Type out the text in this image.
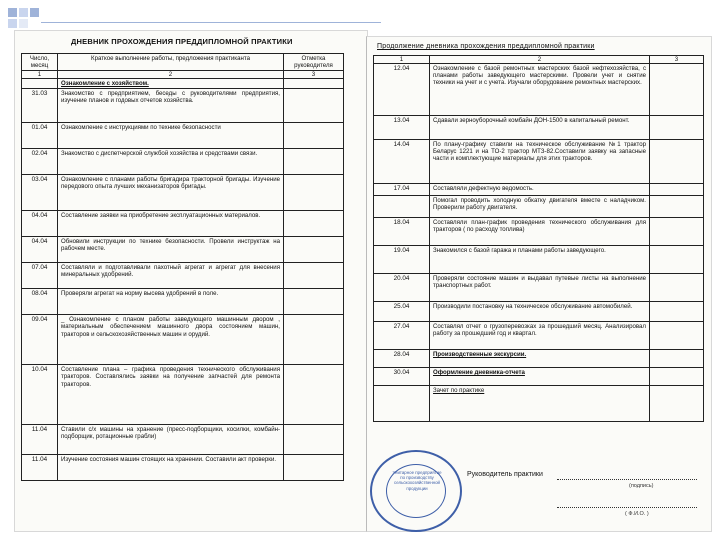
ДНЕВНИК ПРОХОЖДЕНИЯ ПРЕДДИПЛОМНОЙ ПРАКТИКИ
Число, месяц	Краткое выполнение работы, предложения практиканта	Отметка руководителя
1	2	3
	Ознакомление с хозяйством.	
31.03	Знакомство с предприятием, беседы с руководителями предприятия, изучение планов и годовых отчетов хозяйства.	
01.04	Ознакомление с инструкциями по технике безопасности	
02.04	Знакомство с диспетчерской службой хозяйства и средствами связи.	
03.04	Ознакомление с планами работы бригадира тракторной бригады. Изучение передового опыта лучших механизаторов бригады.	
04.04	Составление заявки на приобретение эксплуатационных материалов.	
04.04	Обновили инструкции по технике безопасности. Провели инструктаж на рабочем месте.	
07.04	Составляли и подготавливали пахотный агрегат и агрегат для внесения минеральных удобрений.	
08.04	Проверяли агрегат на норму высева удобрений в поле.	
09.04	_ Ознакомление с планом работы заведующего машинным двором , материальным обеспечением машинного двора состоянием машин, тракторов и сельскохозяйственных машин и орудий.	
10.04	Составление плана – графика проведения технического обслуживания тракторов. Составлялись заявки на получение запчастей для ремонта тракторов.	
11.04	Ставили с/х машины на хранение (пресс-подборщики, косилки, комбайн-подборщик, ротационные грабли)	
11.04	Изучение состояния машин стоящих на хранении. Составили акт проверки.	
Продолжение дневника прохождения преддипломной практики
1	2	3
12.04	Ознакомление с базой ремонтных мастерских базой нефтехозяйства, с планами работы заведующего мастерскими. Провели учет и снятие техники на учет и с учета. Изучали оборудование ремонтных мастерских.	
13.04	Сдавали зерноуборочный комбайн ДОН-1500 в капитальный ремонт.	
14.04	По плану-графику ставили на техническое обслуживание №1 трактор Беларус 1221 и на ТО-2 трактор МТЗ-82.Составили заявку на запасные части и комплектующие материалы для этих тракторов.	
17.04	Составляли дефектную ведомость.	
	Помогал проводить холодную обкатку двигателя вместе с наладчиком. Проверили работу двигателя.	
18.04	Составляли план-график проведения технического обслуживания для тракторов ( по расходу топлива)	
19.04	Знакомился с базой гаража и планами работы заведующего.	
20.04	Проверяли состояние машин и выдавал путевые листы на выполнение транспортных работ.	
25.04	Производили постановку на техническое обслуживание автомобилей.	
27.04	Составлял отчет о грузоперевозках за прошедший месяц. Анализировал работу за прошедший год и квартал.	
28.04	Производственные экскурсии.	
30.04	Оформление дневника-отчета	
	Зачет по практике	
Руководитель практики
(подпись)
( Ф.И.О. )
Унитарное предприятие по производству сельскохозяйственной продукции
